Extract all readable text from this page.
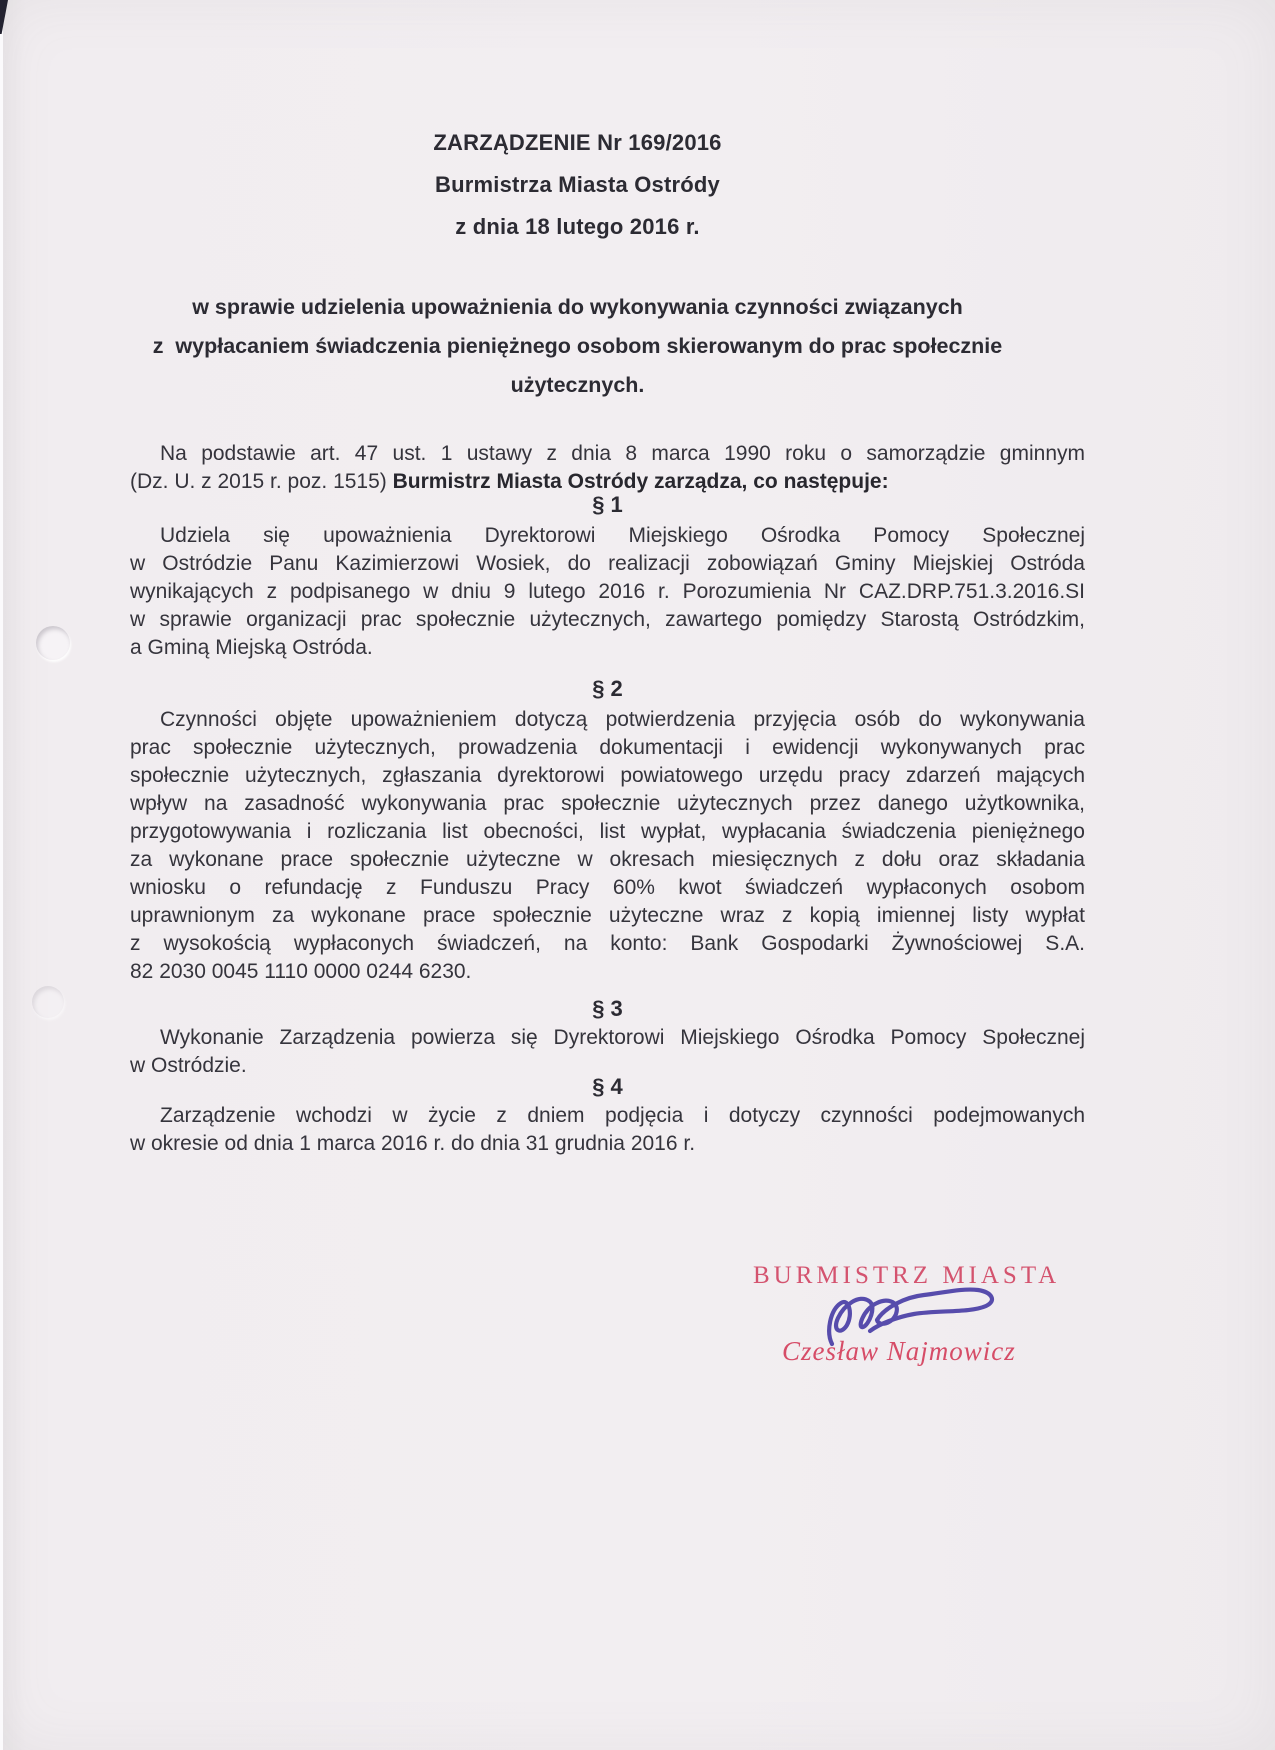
ZARZĄDZENIE Nr 169/2016
Burmistrza Miasta Ostródy
z dnia 18 lutego 2016 r.
w sprawie udzielenia upoważnienia do wykonywania czynności związanych
z  wypłacaniem świadczenia pieniężnego osobom skierowanym do prac społecznie
użytecznych.
Na podstawie art. 47 ust. 1 ustawy z dnia 8 marca 1990 roku o samorządzie gminnym
(Dz. U. z 2015 r. poz. 1515) Burmistrz Miasta Ostródy zarządza, co następuje:
§ 1
Udziela się upoważnienia Dyrektorowi Miejskiego Ośrodka Pomocy Społecznej
w Ostródzie Panu Kazimierzowi Wosiek, do realizacji zobowiązań Gminy Miejskiej Ostróda
wynikających z podpisanego w dniu 9 lutego 2016 r. Porozumienia Nr CAZ.DRP.751.3.2016.SI
w sprawie organizacji prac społecznie użytecznych, zawartego pomiędzy Starostą Ostródzkim,
a Gminą Miejską Ostróda.
§ 2
Czynności objęte upoważnieniem dotyczą potwierdzenia przyjęcia osób do wykonywania
prac społecznie użytecznych, prowadzenia dokumentacji i ewidencji wykonywanych prac
społecznie użytecznych, zgłaszania dyrektorowi powiatowego urzędu pracy zdarzeń mających
wpływ na zasadność wykonywania prac społecznie użytecznych przez danego użytkownika,
przygotowywania i rozliczania list obecności, list wypłat, wypłacania świadczenia pieniężnego
za wykonane prace społecznie użyteczne w okresach miesięcznych z dołu oraz składania
wniosku o refundację z Funduszu Pracy 60% kwot świadczeń wypłaconych osobom
uprawnionym za wykonane prace społecznie użyteczne wraz z kopią imiennej listy wypłat
z wysokością wypłaconych świadczeń, na konto: Bank Gospodarki Żywnościowej S.A.
82 2030 0045 1110 0000 0244 6230.
§ 3
Wykonanie Zarządzenia powierza się Dyrektorowi Miejskiego Ośrodka Pomocy Społecznej
w Ostródzie.
§ 4
Zarządzenie wchodzi w życie z dniem podjęcia i dotyczy czynności podejmowanych
w okresie od dnia 1 marca 2016 r. do dnia 31 grudnia 2016 r.
BURMISTRZ MIASTA
Czesław Najmowicz
